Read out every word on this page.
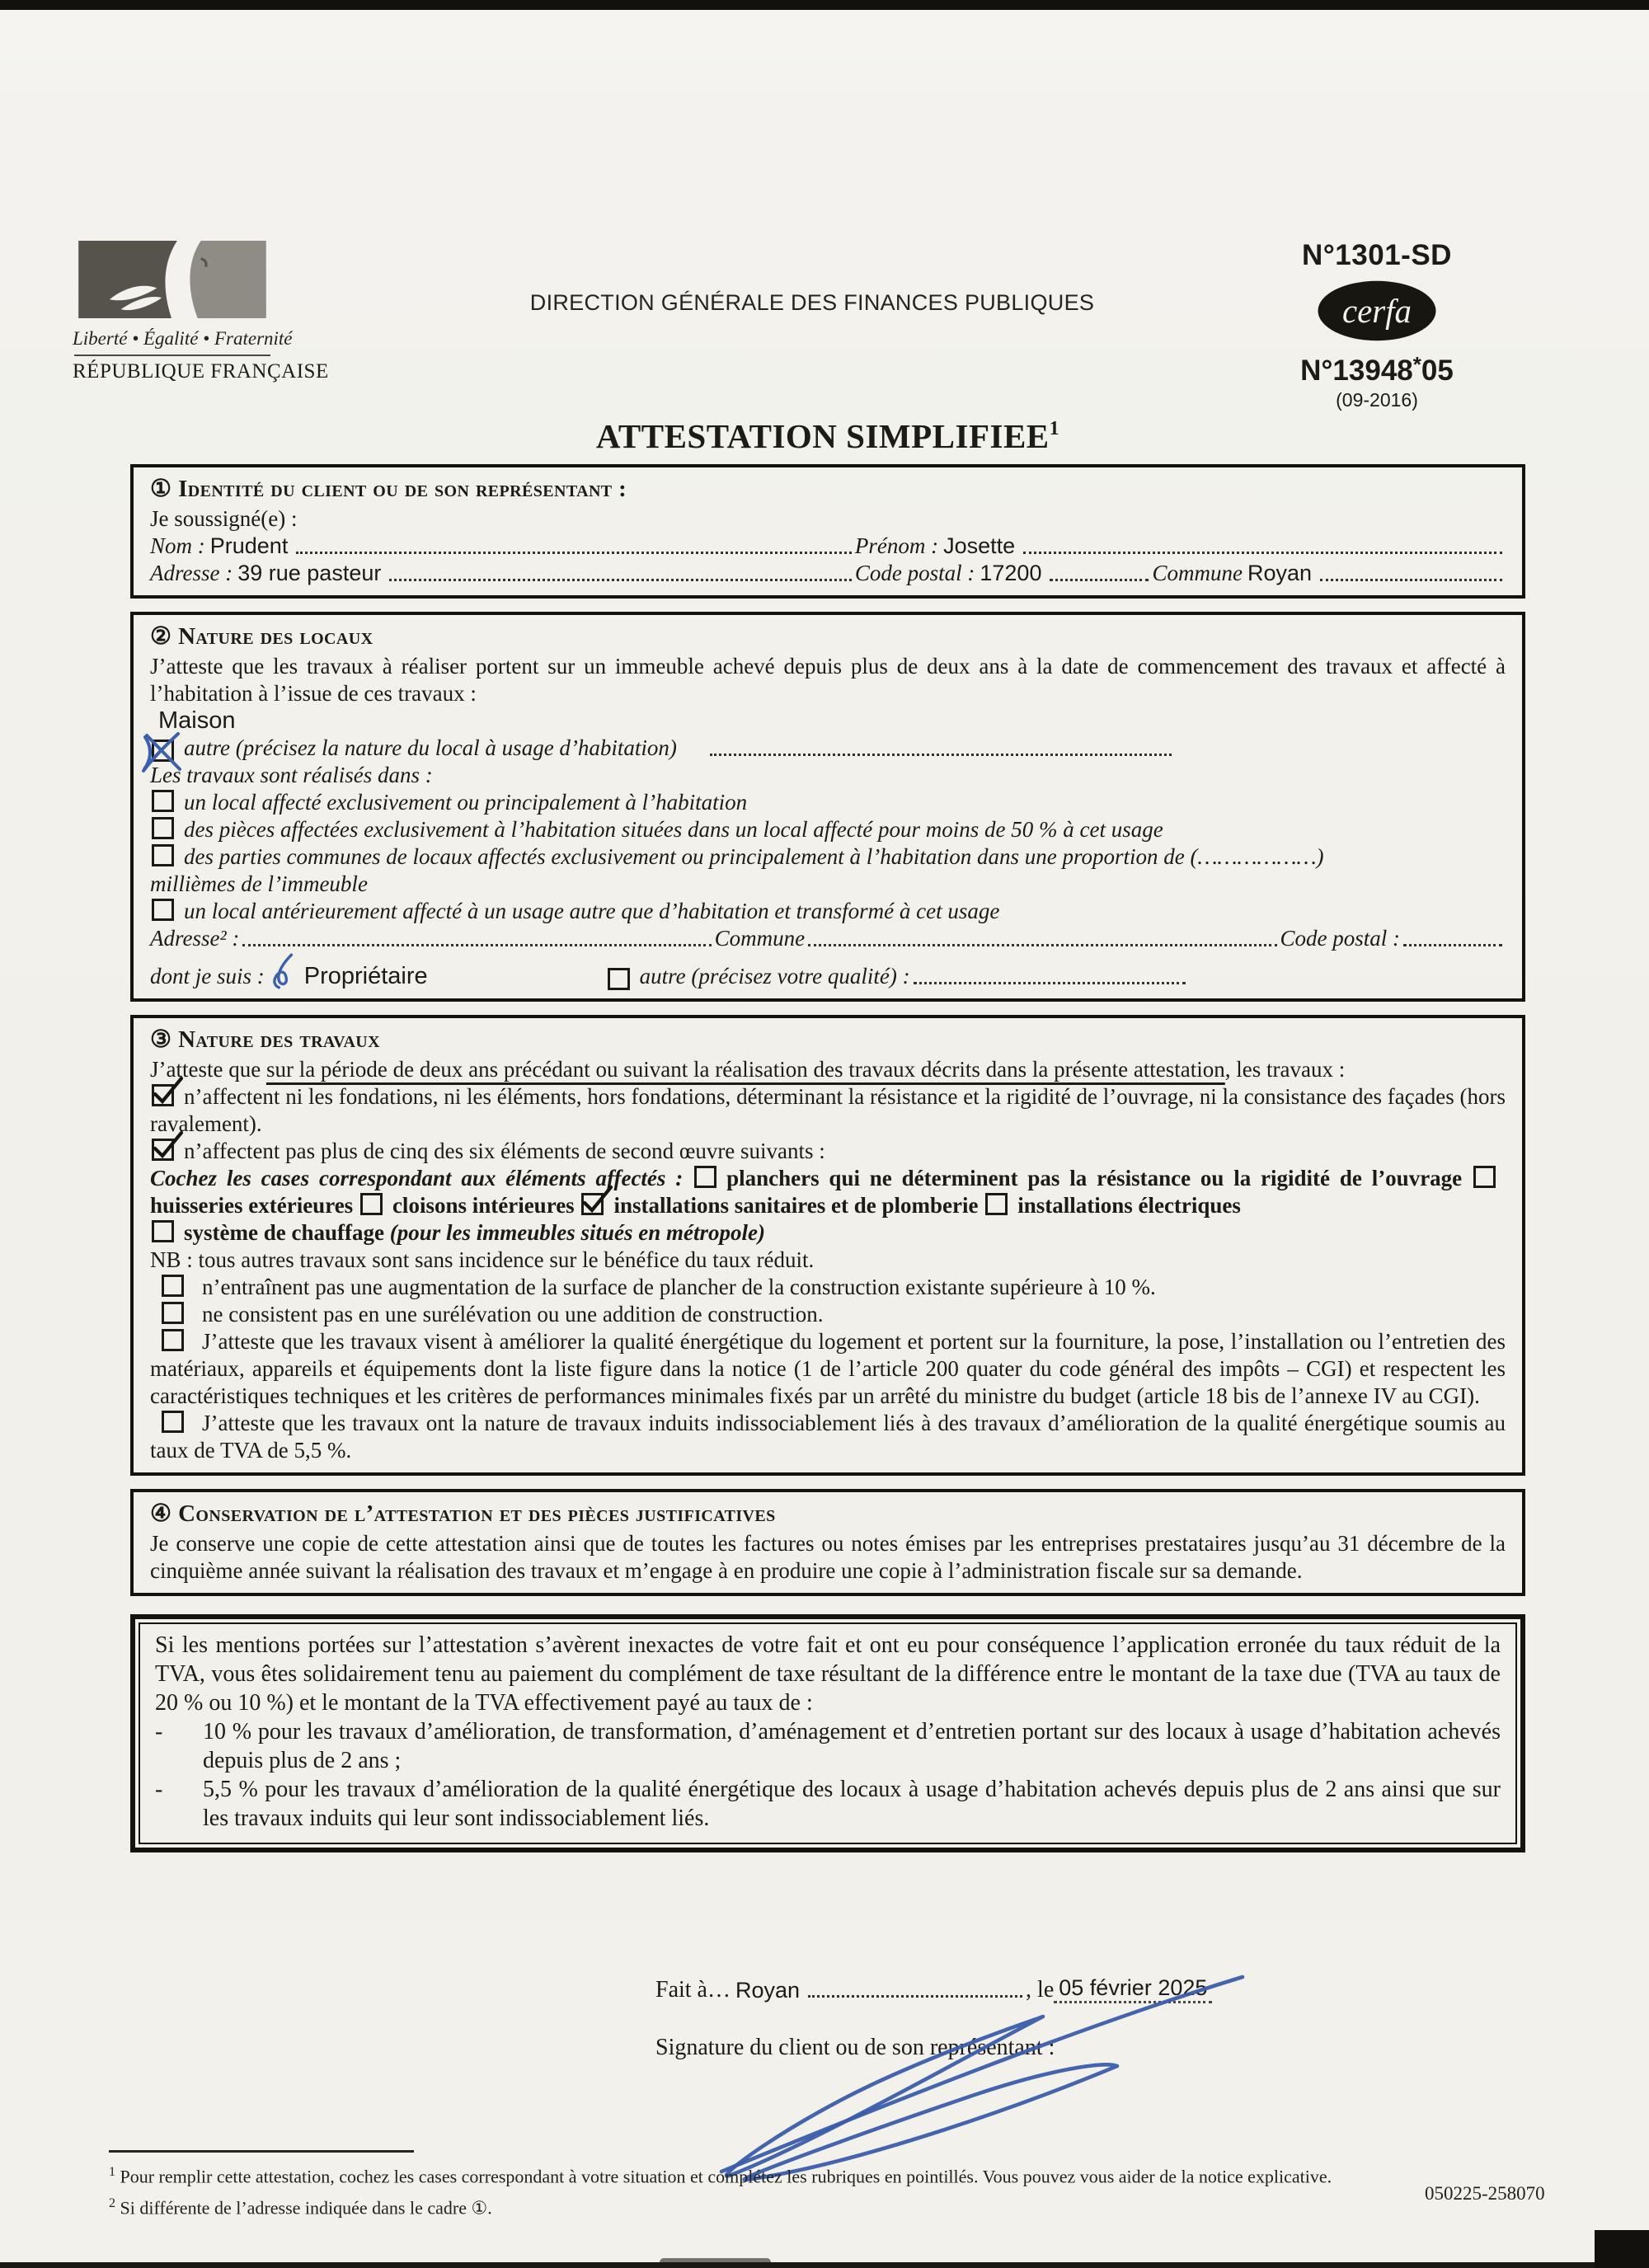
Liberté • Égalité • Fraternité
RÉPUBLIQUE FRANÇAISE
DIRECTION GÉNÉRALE DES FINANCES PUBLIQUES
N°1301-SD
cerfa
N°13948*05
(09-2016)
ATTESTATION SIMPLIFIEE$^1$
① Identité du client ou de son représentant :
Je soussigné(e) :
Nom : Prudent	Prénom : Josette
Adresse : 39 rue pasteur	Code postal : 17200	Commune Royan
② Nature des locaux
J’atteste que les travaux à réaliser portent sur un immeuble achevé depuis plus de deux ans à la date de commencement des travaux et affecté à l’habitation à l’issue de ces travaux :
Maison
autre (précisez la nature du local à usage d’habitation)
Les travaux sont réalisés dans :
un local affecté exclusivement ou principalement à l’habitation
des pièces affectées exclusivement à l’habitation situées dans un local affecté pour moins de 50 % à cet usage
des parties communes de locaux affectés exclusivement ou principalement à l’habitation dans une proportion de (………………)
millièmes de l’immeuble
un local antérieurement affecté à un usage autre que d’habitation et transformé à cet usage
Adresse² :	Commune	Code postal :
dont je suis : Propriétaire	autre (précisez votre qualité) :
③ Nature des travaux
J’atteste que sur la période de deux ans précédant ou suivant la réalisation des travaux décrits dans la présente attestation, les travaux :
n’affectent ni les fondations, ni les éléments, hors fondations, déterminant la résistance et la rigidité de l’ouvrage, ni la consistance des façades (hors ravalement).
n’affectent pas plus de cinq des six éléments de second œuvre suivants :
Cochez les cases correspondant aux éléments affectés : planchers qui ne déterminent pas la résistance ou la rigidité de l’ouvrage huisseries extérieures cloisons intérieures installations sanitaires et de plomberie installations électriques
système de chauffage (pour les immeubles situés en métropole)
NB : tous autres travaux sont sans incidence sur le bénéfice du taux réduit.
n’entraînent pas une augmentation de la surface de plancher de la construction existante supérieure à 10 %.
ne consistent pas en une surélévation ou une addition de construction.
J’atteste que les travaux visent à améliorer la qualité énergétique du logement et portent sur la fourniture, la pose, l’installation ou l’entretien des matériaux, appareils et équipements dont la liste figure dans la notice (1 de l’article 200 quater du code général des impôts – CGI) et respectent les caractéristiques techniques et les critères de performances minimales fixés par un arrêté du ministre du budget (article 18 bis de l’annexe IV au CGI).
J’atteste que les travaux ont la nature de travaux induits indissociablement liés à des travaux d’amélioration de la qualité énergétique soumis au taux de TVA de 5,5 %.
④ Conservation de l’attestation et des pièces justificatives
Je conserve une copie de cette attestation ainsi que de toutes les factures ou notes émises par les entreprises prestataires jusqu’au 31 décembre de la cinquième année suivant la réalisation des travaux et m’engage à en produire une copie à l’administration fiscale sur sa demande.
Si les mentions portées sur l’attestation s’avèrent inexactes de votre fait et ont eu pour conséquence l’application erronée du taux réduit de la TVA, vous êtes solidairement tenu au paiement du complément de taxe résultant de la différence entre le montant de la taxe due (TVA au taux de 20 % ou 10 %) et le montant de la TVA effectivement payé au taux de :
-	10 % pour les travaux d’amélioration, de transformation, d’aménagement et d’entretien portant sur des locaux à usage d’habitation achevés depuis plus de 2 ans ;
-	5,5 % pour les travaux d’amélioration de la qualité énergétique des locaux à usage d’habitation achevés depuis plus de 2 ans ainsi que sur les travaux induits qui leur sont indissociablement liés.
Fait à… Royan	, le 05 février 2025
Signature du client ou de son représentant :
$^1$ Pour remplir cette attestation, cochez les cases correspondant à votre situation et complétez les rubriques en pointillés. Vous pouvez vous aider de la notice explicative.
$^2$ Si différente de l’adresse indiquée dans le cadre ①.
050225-258070
